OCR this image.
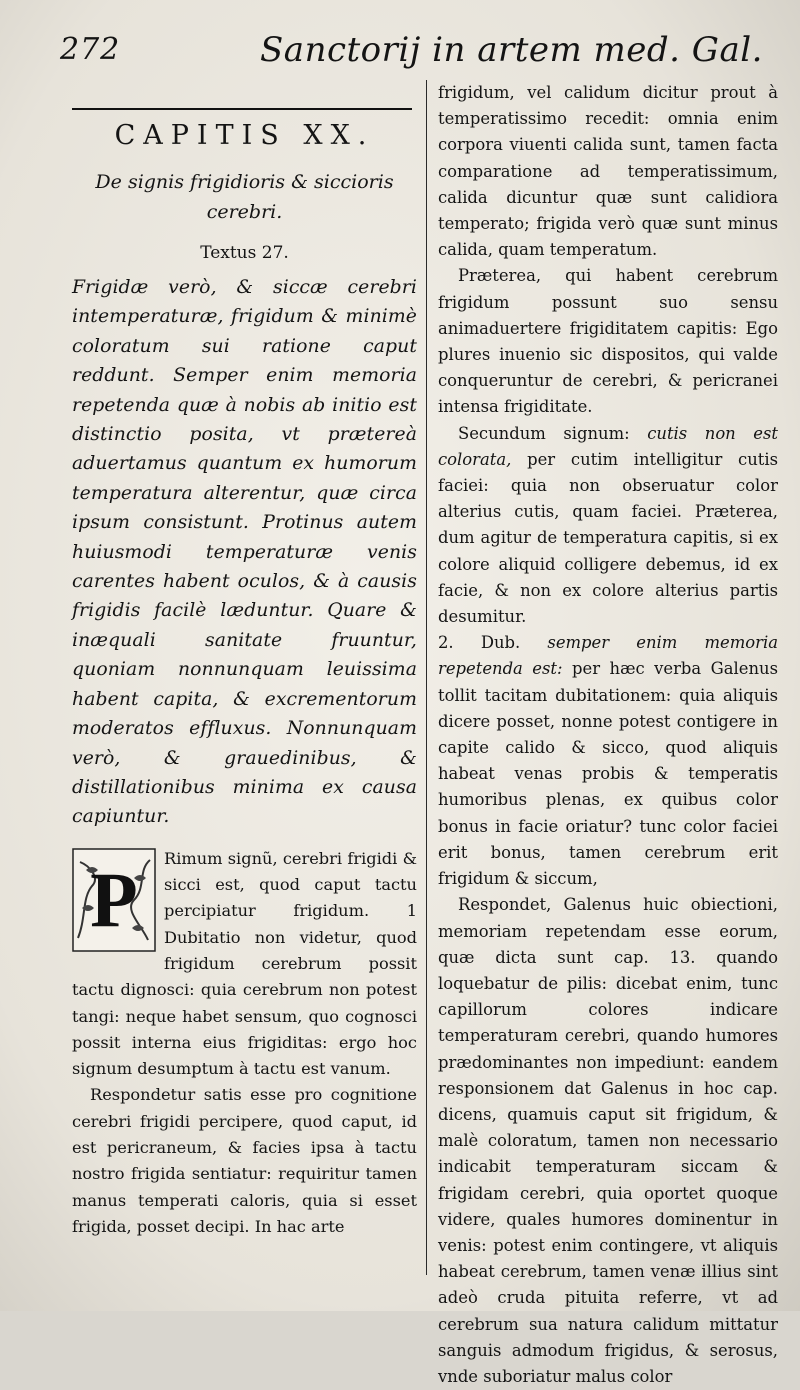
272	Sanctorij in artem med. Gal.
CAPITIS XX.
De signis frigidioris & siccioris cerebri.
Textus 27.
Frigidæ verò, & siccæ cerebri intemperaturæ, frigidum & minimè coloratum sui ratione caput reddunt. Semper enim memoria repetenda quæ à nobis ab initio est distinctio posita, vt prætereà aduertamus quantum ex humorum temperatura alterentur, quæ circa ipsum consistunt. Protinus autem huiusmodi temperaturæ venis carentes habent oculos, & à causis frigidis facilè læduntur. Quare & inæquali sanitate fruuntur, quoniam nonnunquam leuissima habent capita, & excrementorum moderatos effluxus. Nonnunquam verò, & grauedinibus, & distillationibus minima ex causa capiuntur.
P	Rimum signũ, cerebri frigidi & sicci est, quod caput tactu percipiatur frigidum. 1 Dubitatio non videtur, quod frigidum cerebrum possit tactu dignosci: quia cerebrum non potest tangi: neque habet sensum, quo cognosci possit interna eius frigiditas: ergo hoc signum desumptum à tactu est vanum.

Respondetur satis esse pro cognitione cerebri frigidi percipere, quod caput, id est pericraneum, & facies ipsa à tactu nostro frigida sentiatur: requiritur tamen manus temperati caloris, quia si esset frigida, posset decipi. In hac arte

frigidum, vel calidum dicitur prout à temperatissimo recedit: omnia enim corpora viuenti calida sunt, tamen facta comparatione ad temperatissimum, calida dicuntur quæ sunt calidiora temperato; frigida verò quæ sunt minus calida, quam temperatum.

Præterea, qui habent cerebrum frigidum possunt suo sensu animaduertere frigiditatem capitis: Ego plures inuenio sic dispositos, qui valde conqueruntur de cerebri, & pericranei intensa frigiditate.

Secundum signum: cutis non est colorata, per cutim intelligitur cutis faciei: quia non obseruatur color alterius cutis, quam faciei. Præterea, dum agitur de temperatura capitis, si ex colore aliquid colligere debemus, id ex facie, & non ex colore alterius partis desumitur.

2. Dub. semper enim memoria repetenda est: per hæc verba Galenus tollit tacitam dubitationem: quia aliquis dicere posset, nonne potest contigere in capite calido & sicco, quod aliquis habeat venas probis & temperatis humoribus plenas, ex quibus color bonus in facie oriatur? tunc color faciei erit bonus, tamen cerebrum erit frigidum & siccum,

Respondet, Galenus huic obiectioni, memoriam repetendam esse eorum, quæ dicta sunt cap. 13. quando loquebatur de pilis: dicebat enim, tunc capillorum colores indicare temperaturam cerebri, quando humores prædominantes non impediunt: eandem responsionem dat Galenus in hoc cap. dicens, quamuis caput sit frigidum, & malè coloratum, tamen non necessario indicabit temperaturam siccam & frigidam cerebri, quia oportet quoque videre, quales humores dominentur in venis: potest enim contingere, vt aliquis habeat cerebrum, tamen venæ illius sint adeò cruda pituita referre, vt ad cerebrum sua natura calidum mittatur sanguis admodum frigidus, & serosus, vnde suboriatur malus color
